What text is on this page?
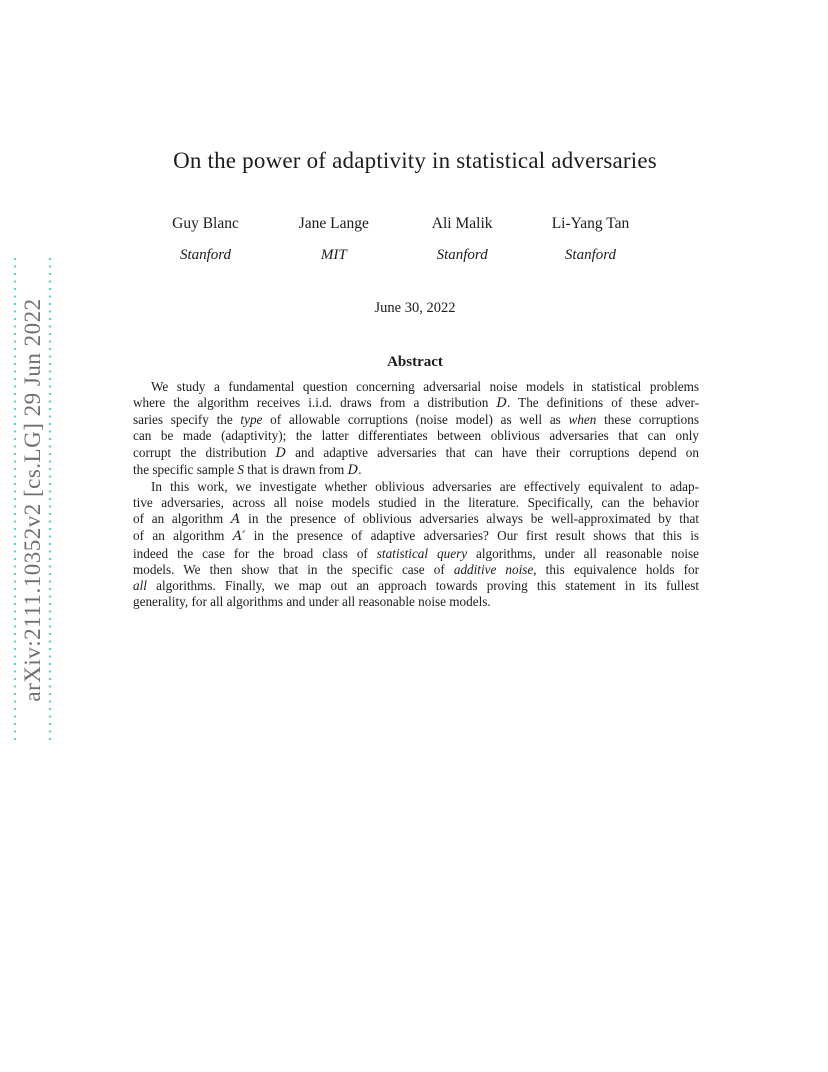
arXiv:2111.10352v2 [cs.LG] 29 Jun 2022
On the power of adaptivity in statistical adversaries
Guy Blanc
Stanford
Jane Lange
MIT
Ali Malik
Stanford
Li-Yang Tan
Stanford
June 30, 2022
Abstract
We study a fundamental question concerning adversarial noise models in statistical problems
where the algorithm receives i.i.d. draws from a distribution D. The definitions of these adver-
saries specify the type of allowable corruptions (noise model) as well as when these corruptions
can be made (adaptivity); the latter differentiates between oblivious adversaries that can only
corrupt the distribution D and adaptive adversaries that can have their corruptions depend on
the specific sample S that is drawn from D.
In this work, we investigate whether oblivious adversaries are effectively equivalent to adap-
tive adversaries, across all noise models studied in the literature. Specifically, can the behavior
of an algorithm A in the presence of oblivious adversaries always be well-approximated by that
of an algorithm A′ in the presence of adaptive adversaries? Our first result shows that this is
indeed the case for the broad class of statistical query algorithms, under all reasonable noise
models. We then show that in the specific case of additive noise, this equivalence holds for
all algorithms. Finally, we map out an approach towards proving this statement in its fullest
generality, for all algorithms and under all reasonable noise models.
